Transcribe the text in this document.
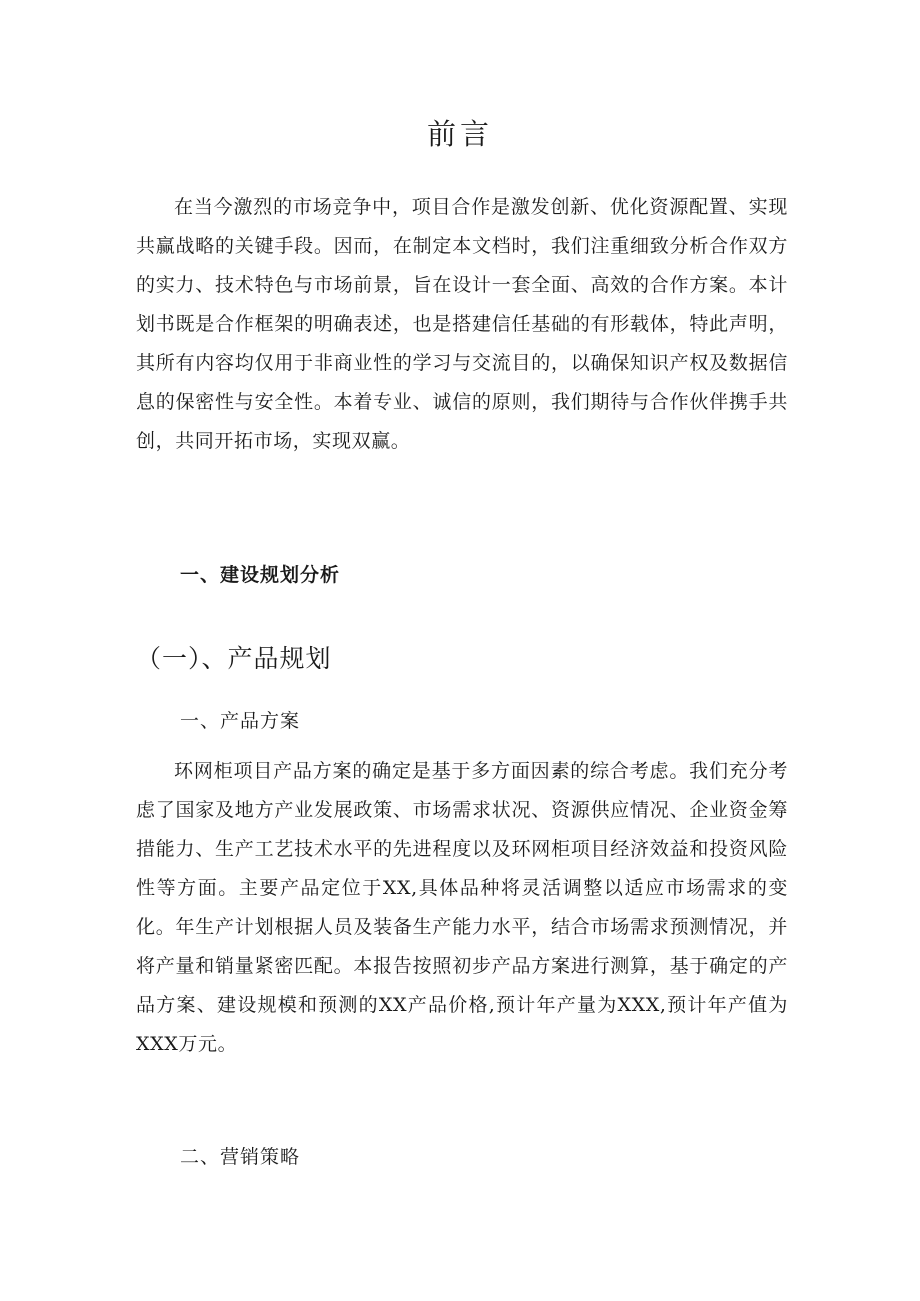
前言

在当今激烈的市场竞争中，项目合作是激发创新、优化资源配置、实现共赢战略的关键手段。因而，在制定本文档时，我们注重细致分析合作双方的实力、技术特色与市场前景，旨在设计一套全面、高效的合作方案。本计划书既是合作框架的明确表述，也是搭建信任基础的有形载体，特此声明，其所有内容均仅用于非商业性的学习与交流目的，以确保知识产权及数据信息的保密性与安全性。本着专业、诚信的原则，我们期待与合作伙伴携手共创，共同开拓市场，实现双赢。

一、建设规划分析
（一）、产品规划
一、产品方案

环网柜项目产品方案的确定是基于多方面因素的综合考虑。我们充分考虑了国家及地方产业发展政策、市场需求状况、资源供应情况、企业资金筹措能力、生产工艺技术水平的先进程度以及环网柜项目经济效益和投资风险性等方面。主要产品定位于XX,具体品种将灵活调整以适应市场需求的变化。年生产计划根据人员及装备生产能力水平，结合市场需求预测情况，并将产量和销量紧密匹配。本报告按照初步产品方案进行测算，基于确定的产品方案、建设规模和预测的XX产品价格,预计年产量为XXX,预计年产值为XXX万元。

二、营销策略
